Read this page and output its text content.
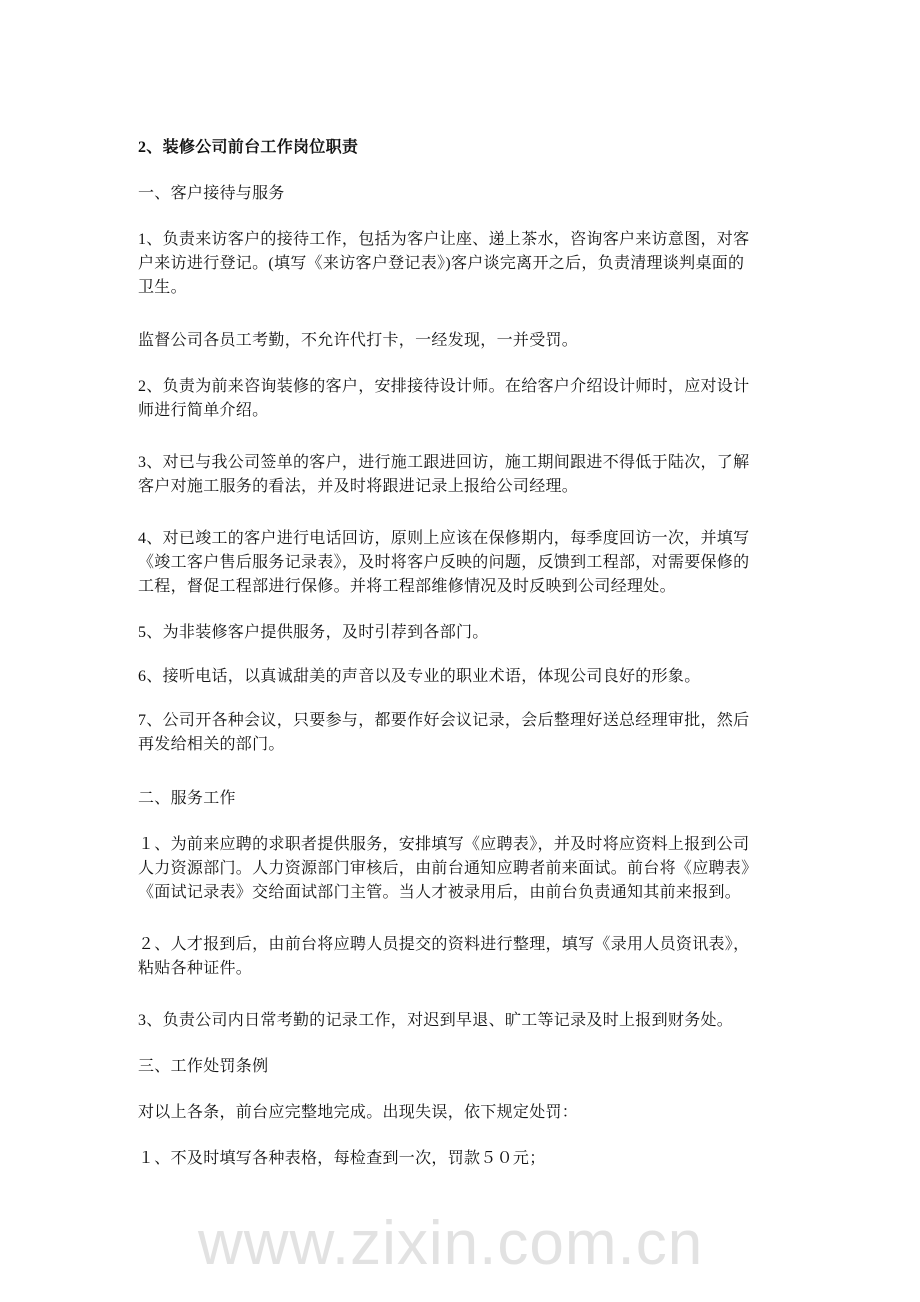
2、装修公司前台工作岗位职责
一、客户接待与服务
1、负责来访客户的接待工作，包括为客户让座、递上茶水，咨询客户来访意图，对客
户来访进行登记。(填写《来访客户登记表》)客户谈完离开之后，负责清理谈判桌面的
卫生。
监督公司各员工考勤，不允许代打卡，一经发现，一并受罚。
2、负责为前来咨询装修的客户，安排接待设计师。在给客户介绍设计师时，应对设计
师进行简单介绍。
3、对已与我公司签单的客户，进行施工跟进回访，施工期间跟进不得低于陆次，了解
客户对施工服务的看法，并及时将跟进记录上报给公司经理。
4、对已竣工的客户进行电话回访，原则上应该在保修期内，每季度回访一次，并填写
《竣工客户售后服务记录表》，及时将客户反映的问题，反馈到工程部，对需要保修的
工程，督促工程部进行保修。并将工程部维修情况及时反映到公司经理处。
5、为非装修客户提供服务，及时引荐到各部门。
6、接听电话，以真诚甜美的声音以及专业的职业术语，体现公司良好的形象。
7、公司开各种会议，只要参与，都要作好会议记录，会后整理好送总经理审批，然后
再发给相关的部门。
二、服务工作
１、为前来应聘的求职者提供服务，安排填写《应聘表》，并及时将应资料上报到公司
人力资源部门。人力资源部门审核后，由前台通知应聘者前来面试。前台将《应聘表》
《面试记录表》交给面试部门主管。当人才被录用后，由前台负责通知其前来报到。
２、人才报到后，由前台将应聘人员提交的资料进行整理，填写《录用人员资讯表》，
粘贴各种证件。
3、负责公司内日常考勤的记录工作，对迟到早退、旷工等记录及时上报到财务处。
三、工作处罚条例
对以上各条，前台应完整地完成。出现失误，依下规定处罚：
１、不及时填写各种表格，每检查到一次，罚款５０元；
www.zixin.com.cn
